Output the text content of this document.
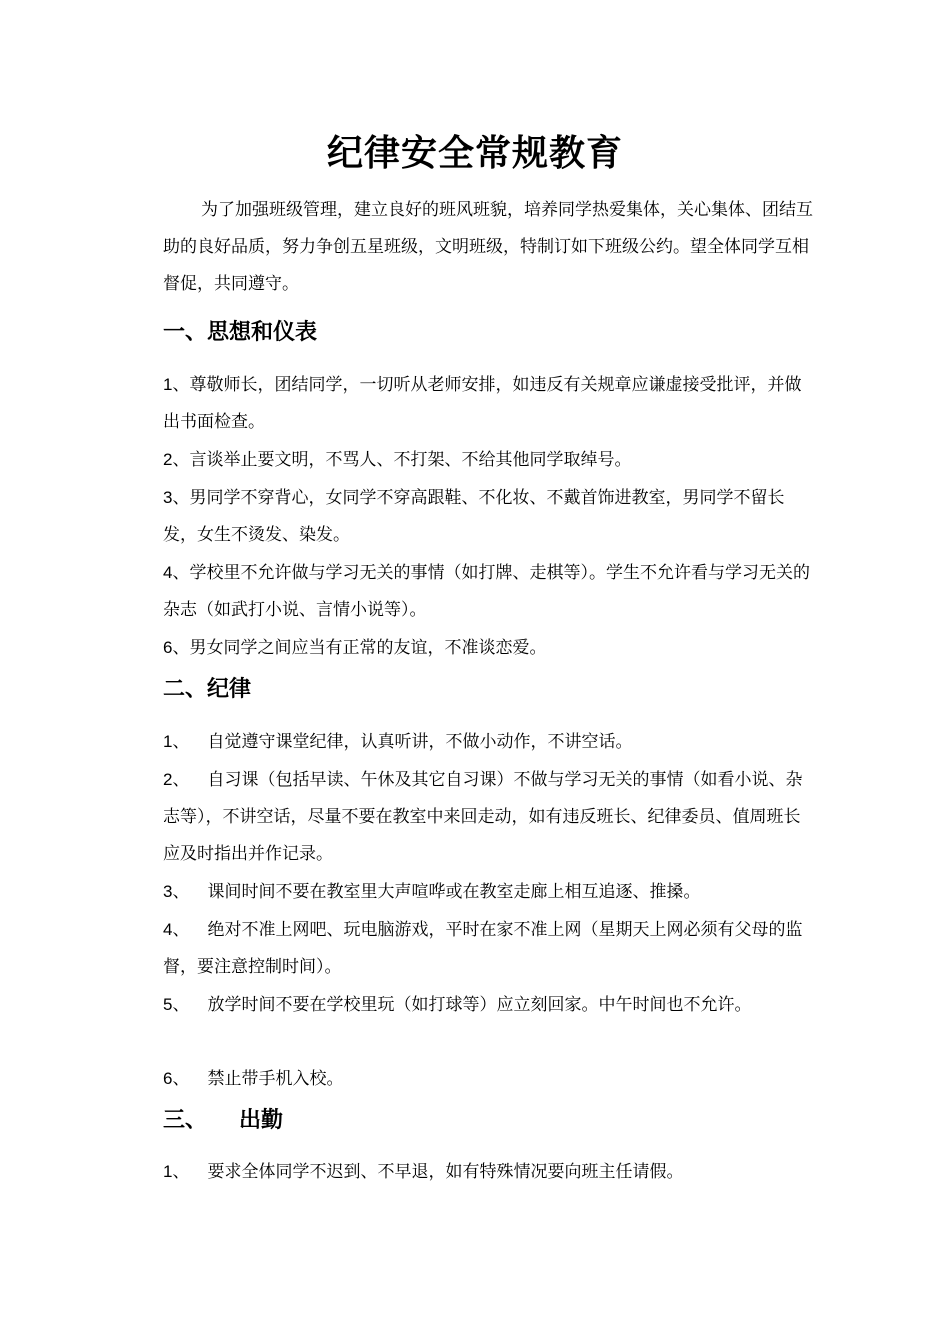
纪律安全常规教育
为了加强班级管理，建立良好的班风班貌，培养同学热爱集体，关心集体、团结互助的良好品质，努力争创五星班级，文明班级，特制订如下班级公约。望全体同学互相督促，共同遵守。
一、思想和仪表

1、尊敬师长，团结同学，一切听从老师安排，如违反有关规章应谦虚接受批评，并做出书面检查。

2、言谈举止要文明，不骂人、不打架、不给其他同学取绰号。

3、男同学不穿背心，女同学不穿高跟鞋、不化妆、不戴首饰进教室，男同学不留长发，女生不烫发、染发。

4、学校里不允许做与学习无关的事情（如打牌、走棋等）。学生不允许看与学习无关的杂志（如武打小说、言情小说等）。

6、男女同学之间应当有正常的友谊，不准谈恋爱。

二、纪律

1、 自觉遵守课堂纪律，认真听讲，不做小动作，不讲空话。

2、 自习课（包括早读、午休及其它自习课）不做与学习无关的事情（如看小说、杂志等），不讲空话，尽量不要在教室中来回走动，如有违反班长、纪律委员、值周班长应及时指出并作记录。

3、 课间时间不要在教室里大声喧哗或在教室走廊上相互追逐、推搡。

4、 绝对不准上网吧、玩电脑游戏，平时在家不准上网（星期天上网必须有父母的监督，要注意控制时间）。

5、 放学时间不要在学校里玩（如打球等）应立刻回家。中午时间也不允许。

6、 禁止带手机入校。

三、 出勤

1、 要求全体同学不迟到、不早退，如有特殊情况要向班主任请假。
